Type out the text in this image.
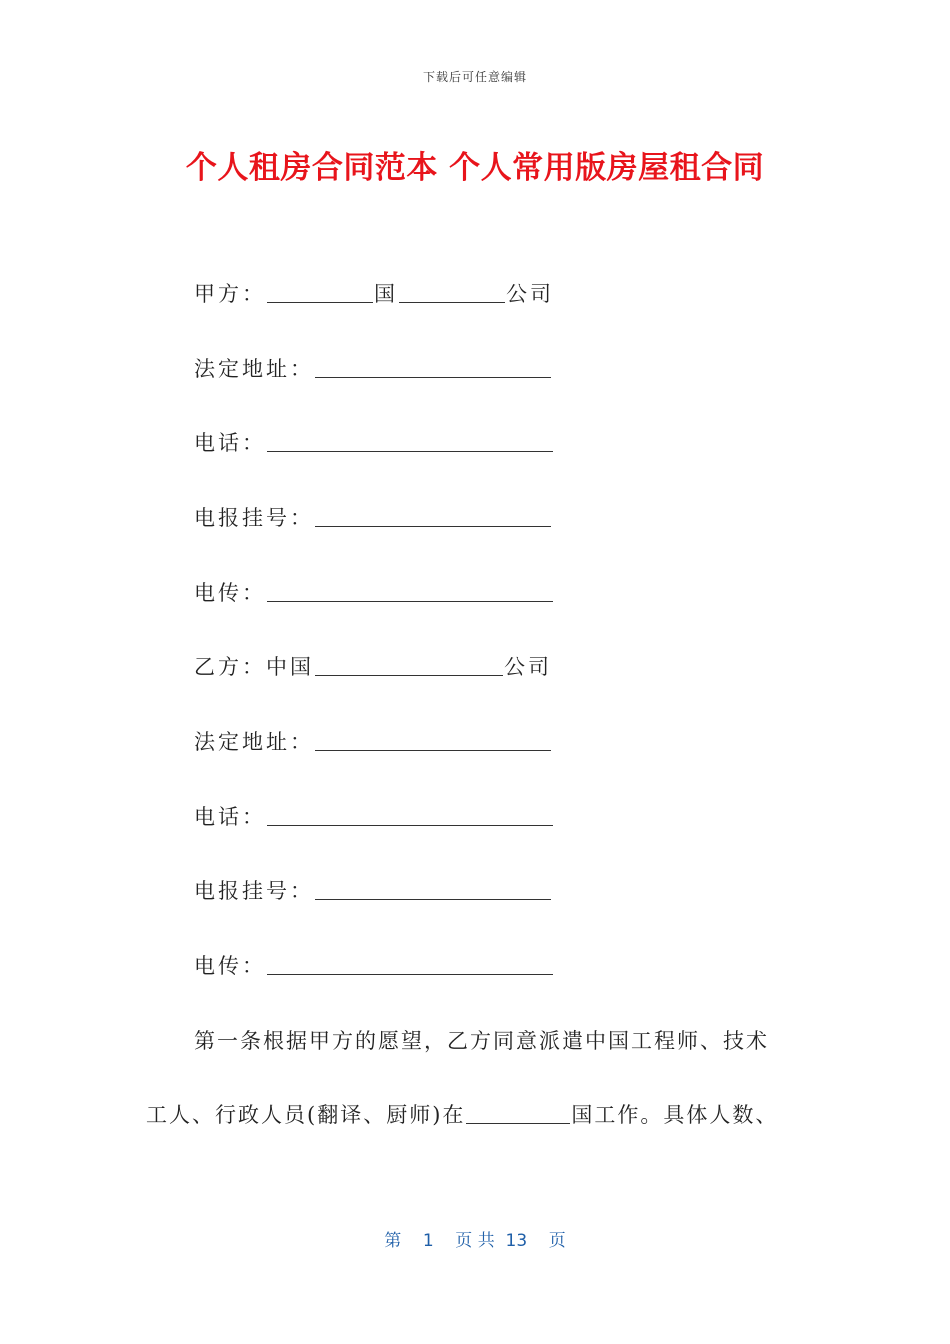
下载后可任意编辑
个人租房合同范本 个人常用版房屋租合同
甲方：	国	公司
法定地址：
电话：
电报挂号：
电传：
乙方：中国	公司
法定地址：
电话：
电报挂号：
电传：
第一条根据甲方的愿望，乙方同意派遣中国工程师、技术
工人、行政人员(翻译、厨师)在	国工作。具体人数、
第 1 页 共 13 页
